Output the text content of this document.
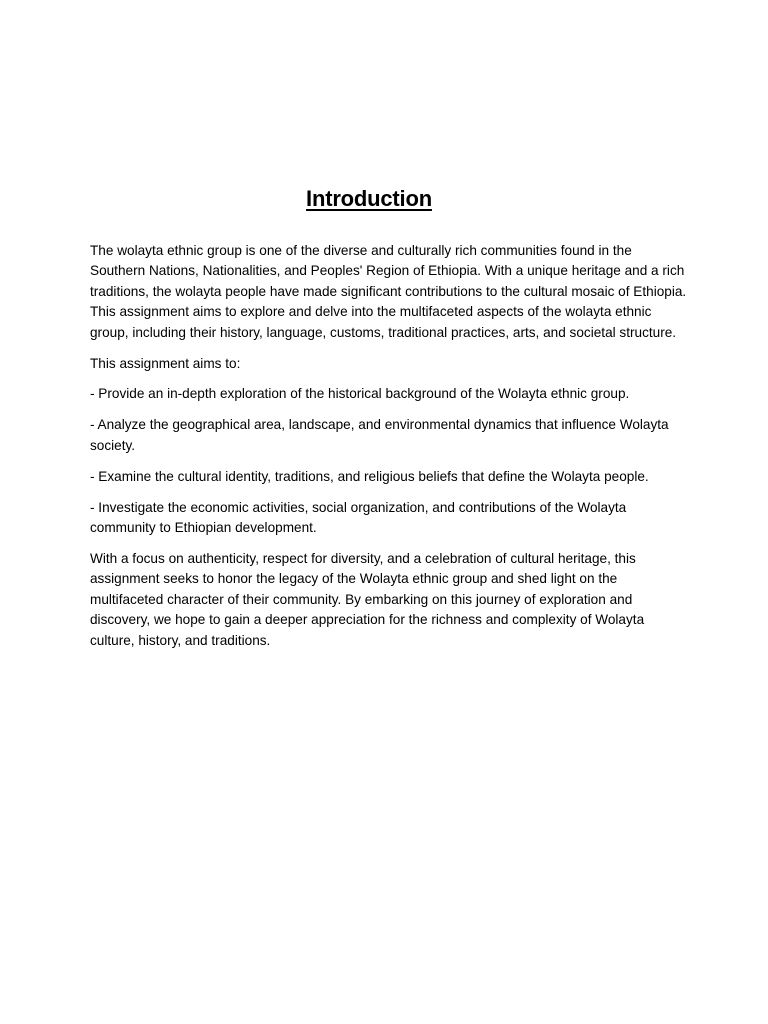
Introduction

The wolayta ethnic group is one of the diverse and culturally rich communities found in the Southern Nations, Nationalities, and Peoples' Region of Ethiopia. With a unique heritage and a rich traditions, the wolayta people have made significant contributions to the cultural mosaic of Ethiopia. This assignment aims to explore and delve into the multifaceted aspects of the wolayta ethnic group, including their history, language, customs, traditional practices, arts, and societal structure.

This assignment aims to:

- Provide an in-depth exploration of the historical background of the Wolayta ethnic group.

- Analyze the geographical area, landscape, and environmental dynamics that influence Wolayta society.

- Examine the cultural identity, traditions, and religious beliefs that define the Wolayta people.

- Investigate the economic activities, social organization, and contributions of the Wolayta community to Ethiopian development.

With a focus on authenticity, respect for diversity, and a celebration of cultural heritage, this assignment seeks to honor the legacy of the Wolayta ethnic group and shed light on the multifaceted character of their community. By embarking on this journey of exploration and discovery, we hope to gain a deeper appreciation for the richness and complexity of Wolayta culture, history, and traditions.
